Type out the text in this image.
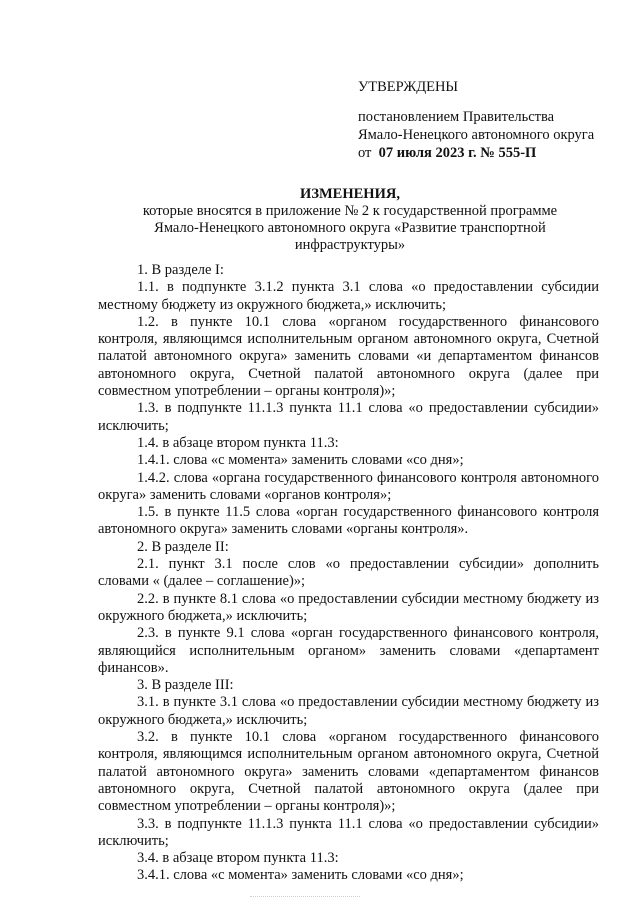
УТВЕРЖДЕНЫ

постановлением Правительства

Ямало-Ненецкого автономного округа

от 07 июля 2023 г. № 555-П

ИЗМЕНЕНИЯ,
которые вносятся в приложение № 2 к государственной программе
Ямало-Ненецкого автономного округа «Развитие транспортной
инфраструктуры»

1. В разделе I:

1.1. в подпункте 3.1.2 пункта 3.1 слова «о предоставлении субсидии местному бюджету из окружного бюджета,» исключить;

1.2. в пункте 10.1 слова «органом государственного финансового контроля, являющимся исполнительным органом автономного округа, Счетной палатой автономного округа» заменить словами «и департаментом финансов автономного округа, Счетной палатой автономного округа (далее при совместном употреблении – органы контроля)»;

1.3. в подпункте 11.1.3 пункта 11.1 слова «о предоставлении субсидии» исключить;

1.4. в абзаце втором пункта 11.3:

1.4.1. слова «с момента» заменить словами «со дня»;

1.4.2. слова «органа государственного финансового контроля автономного округа» заменить словами «органов контроля»;

1.5. в пункте 11.5 слова «орган государственного финансового контроля автономного округа» заменить словами «органы контроля».

2. В разделе II:

2.1. пункт 3.1 после слов «о предоставлении субсидии» дополнить словами « (далее – соглашение)»;

2.2. в пункте 8.1 слова «о предоставлении субсидии местному бюджету из окружного бюджета,» исключить;

2.3. в пункте 9.1 слова «орган государственного финансового контроля, являющийся исполнительным органом» заменить словами «департамент финансов».

3. В разделе III:

3.1. в пункте 3.1 слова «о предоставлении субсидии местному бюджету из окружного бюджета,» исключить;

3.2. в пункте 10.1 слова «органом государственного финансового контроля, являющимся исполнительным органом автономного округа, Счетной палатой автономного округа» заменить словами «департаментом финансов автономного округа, Счетной палатой автономного округа (далее при совместном употреблении – органы контроля)»;

3.3. в подпункте 11.1.3 пункта 11.1 слова «о предоставлении субсидии» исключить;

3.4. в абзаце втором пункта 11.3:

3.4.1. слова «с момента» заменить словами «со дня»;
